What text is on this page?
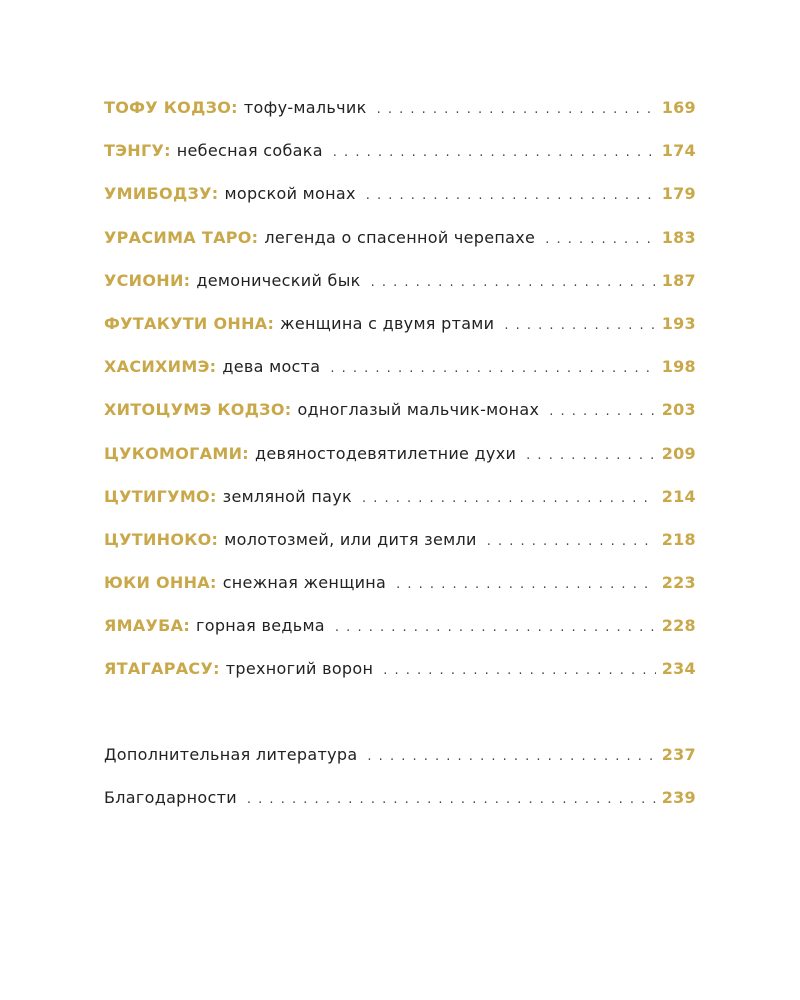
ТОФУ КОДЗО: тофу-мальчик . . .	169
ТЭНГУ: небесная собака . . .	174
УМИБОДЗУ: морской монах . . .	179
УРАСИМА ТАРО: легенда о спасенной черепахе . . .	183
УСИОНИ: демонический бык . . .	187
ФУТАКУТИ ОННА: женщина с двумя ртами . . .	193
ХАСИХИМЭ: дева моста . . .	198
ХИТОЦУМЭ КОДЗО: одноглазый мальчик-монах . . .	203
ЦУКОМОГАМИ: девяностодевятилетние духи . . .	209
ЦУТИГУМО: земляной паук . . .	214
ЦУТИНОКО: молотозмей, или дитя земли . . .	218
ЮКИ ОННА: снежная женщина . . .	223
ЯМАУБА: горная ведьма . . .	228
ЯТАГАРАСУ: трехногий ворон . . .	234
Дополнительная литература . . .	237
Благодарности . . .	239
